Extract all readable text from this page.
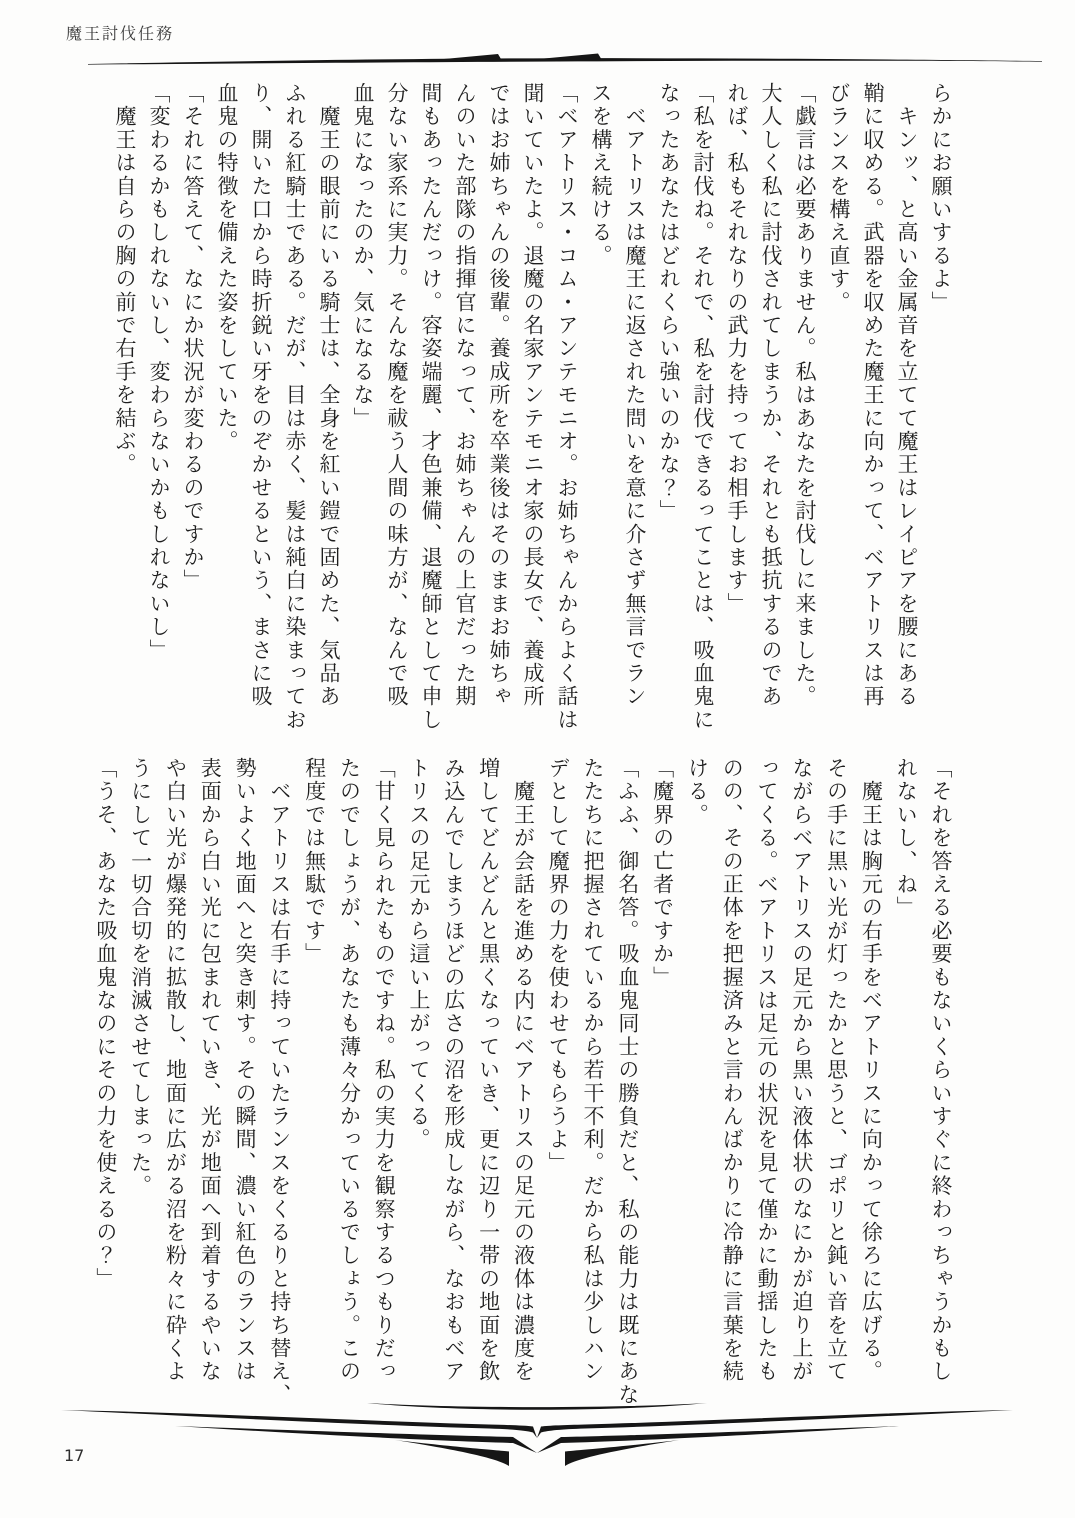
魔王討伐任務

らかにお願いするよ」

　キンッ、と高い金属音を立てて魔王はレイピアを腰にある

鞘に収める。武器を収めた魔王に向かって、ベアトリスは再

びランスを構え直す。

「戯言は必要ありません。私はあなたを討伐しに来ました。

大人しく私に討伐されてしまうか、それとも抵抗するのであ

れば、私もそれなりの武力を持ってお相手します」

「私を討伐ね。それで、私を討伐できるってことは、吸血鬼に

なったあなたはどれくらい強いのかな？」

　ベアトリスは魔王に返された問いを意に介さず無言でラン

スを構え続ける。

「ベアトリス・コム・アンテモニオ。お姉ちゃんからよく話は

聞いていたよ。退魔の名家アンテモニオ家の長女で、養成所

ではお姉ちゃんの後輩。養成所を卒業後はそのままお姉ちゃ

んのいた部隊の指揮官になって、お姉ちゃんの上官だった期

間もあったんだっけ。容姿端麗、才色兼備、退魔師として申し

分ない家系に実力。そんな魔を祓う人間の味方が、なんで吸

血鬼になったのか、気になるな」

　魔王の眼前にいる騎士は、全身を紅い鎧で固めた、気品あ

ふれる紅騎士である。だが、目は赤く、髪は純白に染まってお

り、開いた口から時折鋭い牙をのぞかせるという、まさに吸

血鬼の特徴を備えた姿をしていた。

「それに答えて、なにか状況が変わるのですか」

「変わるかもしれないし、変わらないかもしれないし」

　魔王は自らの胸の前で右手を結ぶ。

「それを答える必要もないくらいすぐに終わっちゃうかもし

れないし、ね」

　魔王は胸元の右手をベアトリスに向かって徐ろに広げる。

その手に黒い光が灯ったかと思うと、ゴポリと鈍い音を立て

ながらベアトリスの足元から黒い液体状のなにかが迫り上が

ってくる。ベアトリスは足元の状況を見て僅かに動揺したも

のの、その正体を把握済みと言わんばかりに冷静に言葉を続

ける。

「魔界の亡者ですか」

「ふふ、御名答。吸血鬼同士の勝負だと、私の能力は既にあな

たたちに把握されているから若干不利。だから私は少しハン

デとして魔界の力を使わせてもらうよ」

　魔王が会話を進める内にベアトリスの足元の液体は濃度を

増してどんどんと黒くなっていき、更に辺り一帯の地面を飲

み込んでしまうほどの広さの沼を形成しながら、なおもベア

トリスの足元から這い上がってくる。

「甘く見られたものですね。私の実力を観察するつもりだっ

たのでしょうが、あなたも薄々分かっているでしょう。この

程度では無駄です」

　ベアトリスは右手に持っていたランスをくるりと持ち替え、

勢いよく地面へと突き刺す。その瞬間、濃い紅色のランスは

表面から白い光に包まれていき、光が地面へ到着するやいな

や白い光が爆発的に拡散し、地面に広がる沼を粉々に砕くよ

うにして一切合切を消滅させてしまった。

「うそ、あなた吸血鬼なのにその力を使えるの？」

17
